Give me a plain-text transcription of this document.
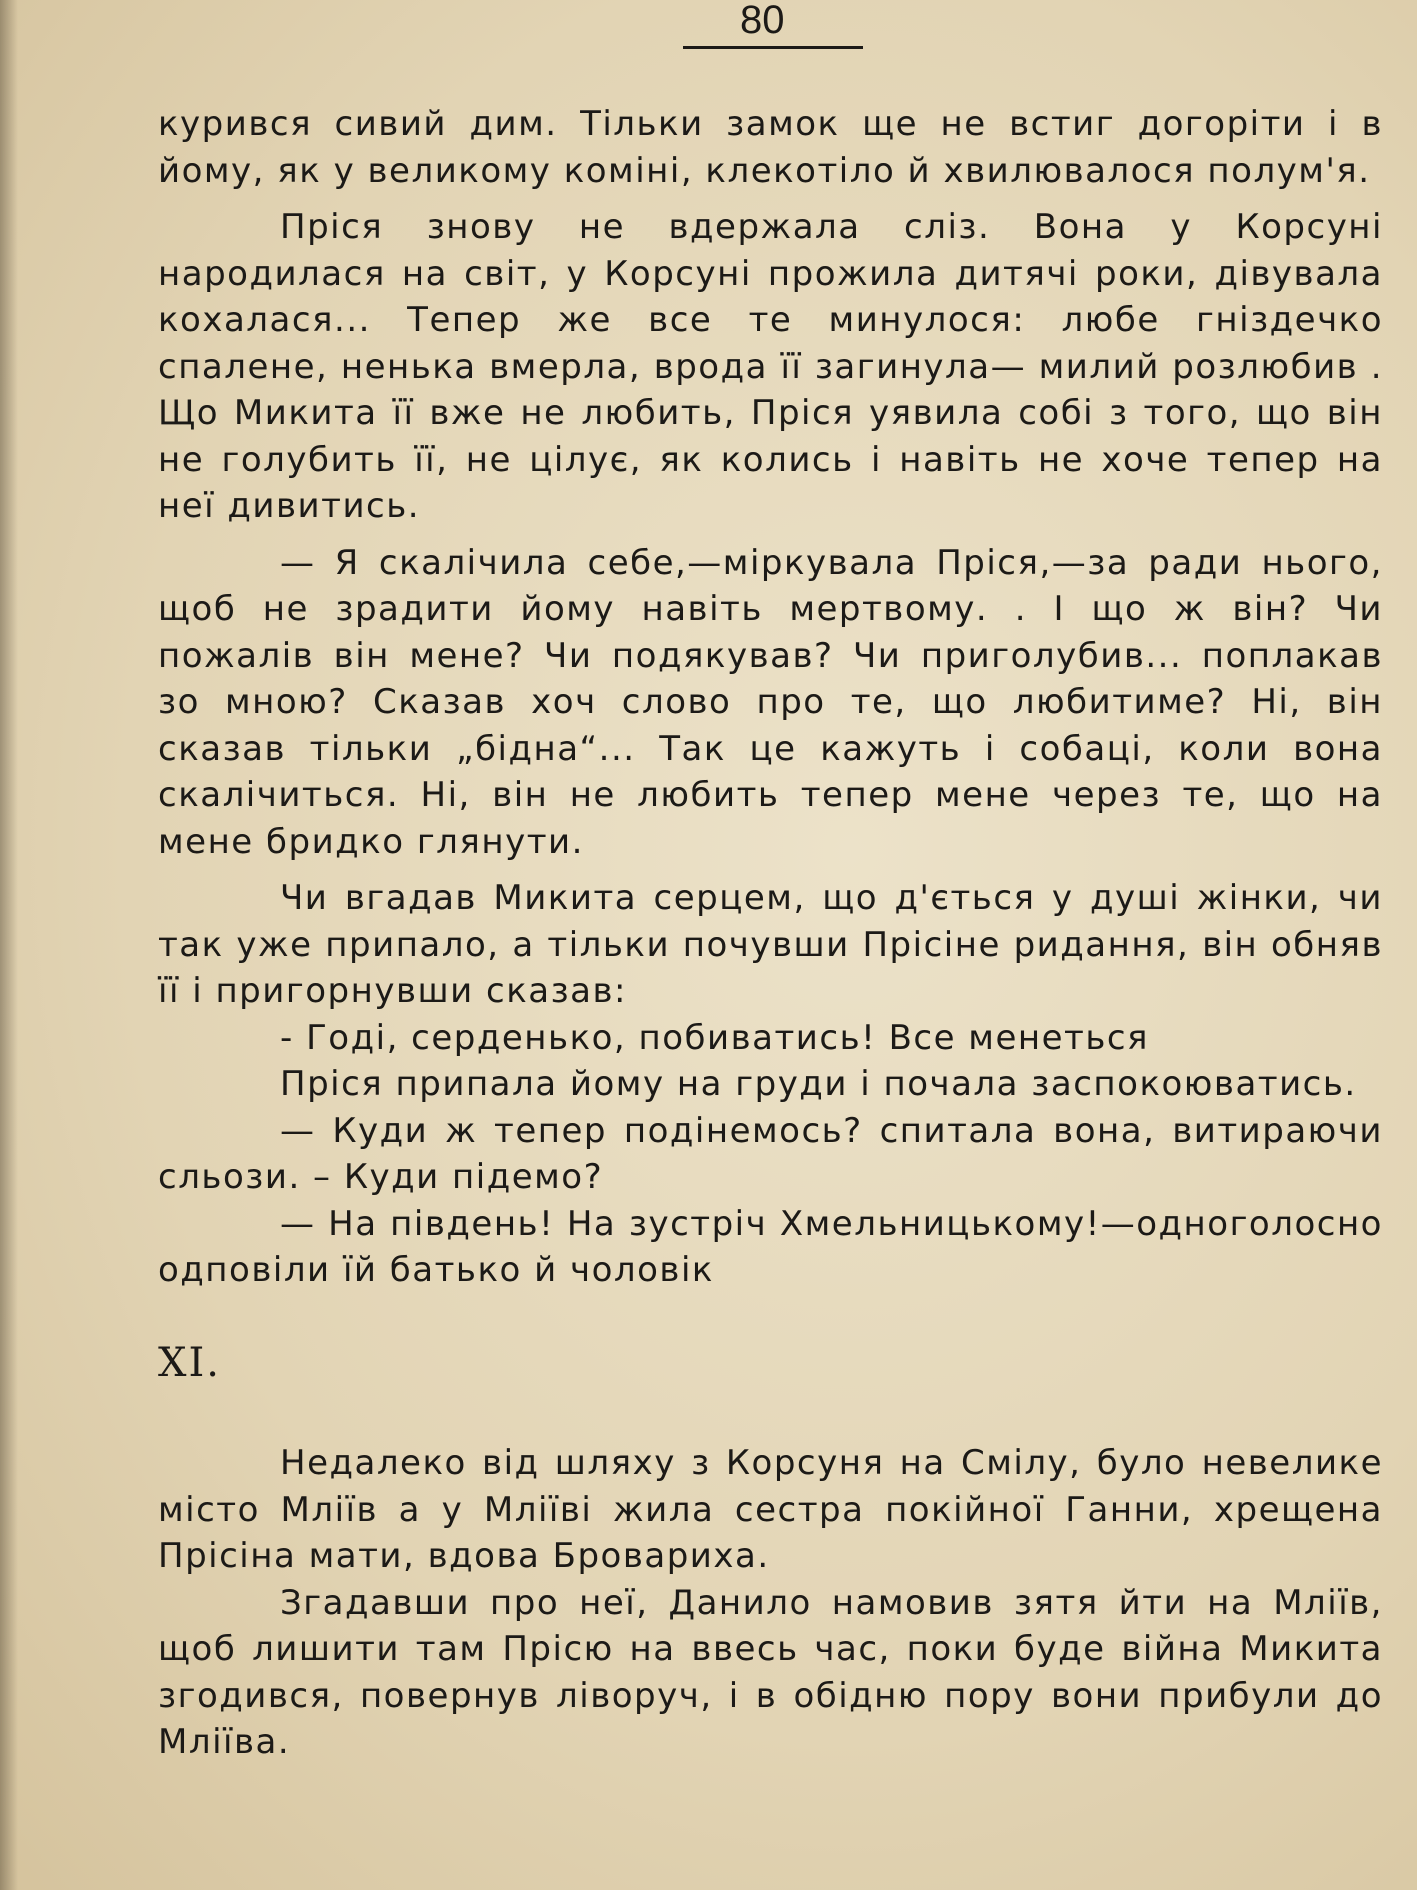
80

курився сивий дим. Тільки замок ще не встиг догоріти і в йому, як у великому коміні, клекотіло й хвилювалося полум'я.

Пріся знову не вдержала сліз. Вона у Корсуні народилася на світ, у Корсуні прожила дитячі роки, дівувала кохалася... Тепер же все те минулося: любе гніздечко спалене, ненька вмерла, врода її загинула— милий розлюбив . Що Микита її вже не любить, Пріся уявила собі з того, що він не голубить її, не цілує, як колись і навіть не хоче тепер на неї дивитись.

— Я скалічила себе,—міркувала Пріся,—за ради нього, щоб не зрадити йому навіть мертвому. . І що ж він? Чи пожалів він мене? Чи подякував? Чи приголубив... поплакав зо мною? Сказав хоч слово про те, що любитиме? Ні, він сказав тільки „бідна“... Так це кажуть і собаці, коли вона скалічиться. Ні, він не любить тепер мене через те, що на мене бридко глянути.

Чи вгадав Микита серцем, що д'ється у душі жінки, чи так уже припало, а тільки почувши Прісіне ридання, він обняв її і пригорнувши сказав:

- Годі, серденько, побиватись! Все менеться

Пріся припала йому на груди і почала заспокоюватись.

— Куди ж тепер подінемось? спитала вона, витираючи сльози. – Куди підемо?

— На південь! На зустріч Хмельницькому!—одноголосно одповіли їй батько й чоловік

XI.

Недалеко від шляху з Корсуня на Смілу, було невелике місто Мліїв а у Мліїві жила сестра покійної Ганни, хрещена Прісіна мати, вдова Броварихa.

Згадавши про неї, Данило намовив зятя йти на Мліїв, щоб лишити там Прісю на ввесь час, поки буде війна Микита згодився, повернув ліворуч, і в обідню пору вони прибули до Мліїва.
